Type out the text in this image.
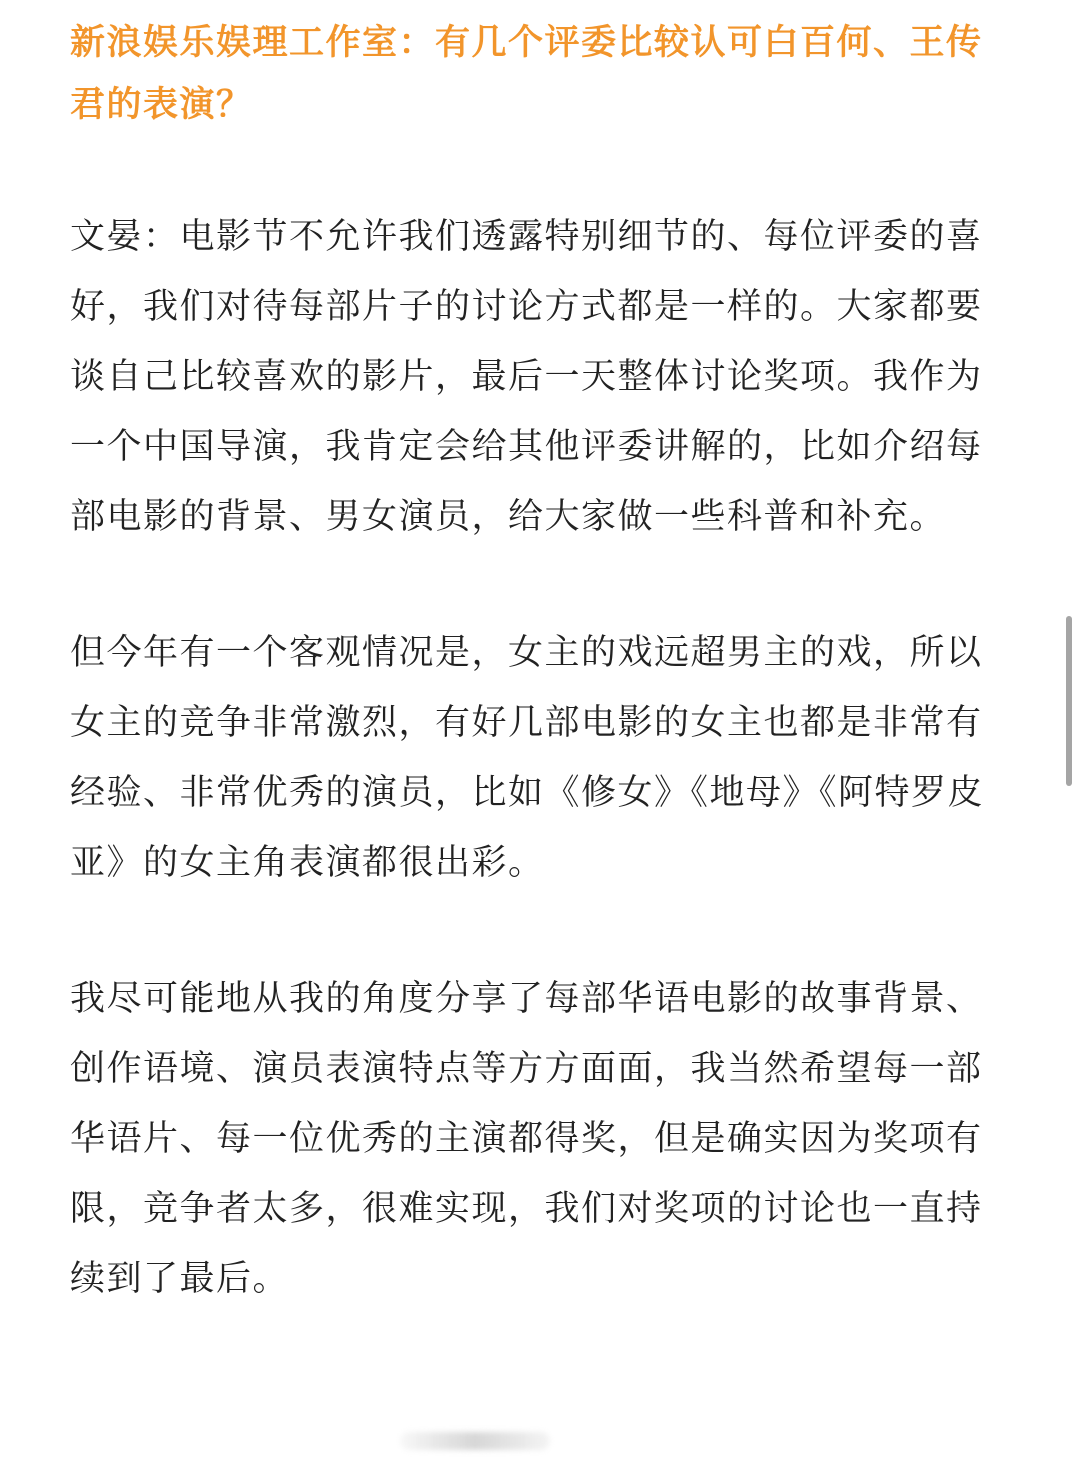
新浪娱乐娱理工作室：有几个评委比较认可白百何、王传君的表演？

文晏：电影节不允许我们透露特别细节的、每位评委的喜好，我们对待每部片子的讨论方式都是一样的。大家都要谈自己比较喜欢的影片，最后一天整体讨论奖项。我作为一个中国导演，我肯定会给其他评委讲解的，比如介绍每部电影的背景、男女演员，给大家做一些科普和补充。

但今年有一个客观情况是，女主的戏远超男主的戏，所以女主的竞争非常激烈，有好几部电影的女主也都是非常有经验、非常优秀的演员，比如《修女》《地母》《阿特罗皮亚》的女主角表演都很出彩。

我尽可能地从我的角度分享了每部华语电影的故事背景、创作语境、演员表演特点等方方面面，我当然希望每一部华语片、每一位优秀的主演都得奖，但是确实因为奖项有限，竞争者太多，很难实现，我们对奖项的讨论也一直持续到了最后。
